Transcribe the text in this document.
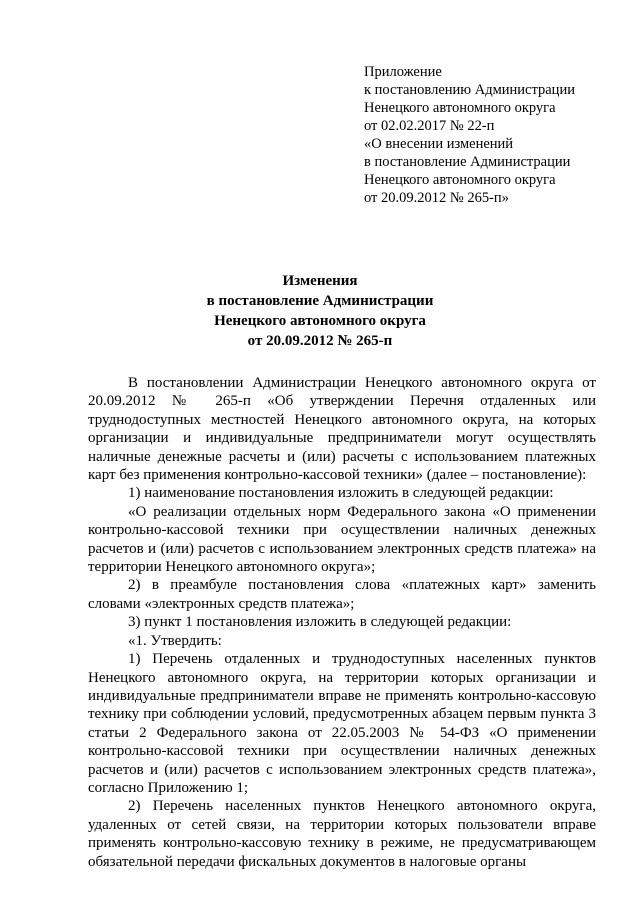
Приложение
к постановлению Администрации
Ненецкого автономного округа
от 02.02.2017 № 22-п
«О внесении изменений
в постановление Администрации
Ненецкого автономного округа
от 20.09.2012 № 265-п»
Изменения
в постановление Администрации
Ненецкого автономного округа
от 20.09.2012 № 265-п

В постановлении Администрации Ненецкого автономного округа от 20.09.2012 № 265-п «Об утверждении Перечня отдаленных или труднодоступных местностей Ненецкого автономного округа, на которых организации и индивидуальные предприниматели могут осуществлять наличные денежные расчеты и (или) расчеты с использованием платежных карт без применения контрольно-кассовой техники» (далее – постановление):

1) наименование постановления изложить в следующей редакции:

«О реализации отдельных норм Федерального закона «О применении контрольно-кассовой техники при осуществлении наличных денежных расчетов и (или) расчетов с использованием электронных средств платежа» на территории Ненецкого автономного округа»;

2) в преамбуле постановления слова «платежных карт» заменить словами «электронных средств платежа»;

3) пункт 1 постановления изложить в следующей редакции:

«1. Утвердить:

1) Перечень отдаленных и труднодоступных населенных пунктов Ненецкого автономного округа, на территории которых организации и индивидуальные предприниматели вправе не применять контрольно-кассовую технику при соблюдении условий, предусмотренных абзацем первым пункта 3 статьи 2 Федерального закона от 22.05.2003 № 54-ФЗ «О применении контрольно-кассовой техники при осуществлении наличных денежных расчетов и (или) расчетов с использованием электронных средств платежа», согласно Приложению 1;

2) Перечень населенных пунктов Ненецкого автономного округа, удаленных от сетей связи, на территории которых пользователи вправе применять контрольно-кассовую технику в режиме, не предусматривающем обязательной передачи фискальных документов в налоговые органы
